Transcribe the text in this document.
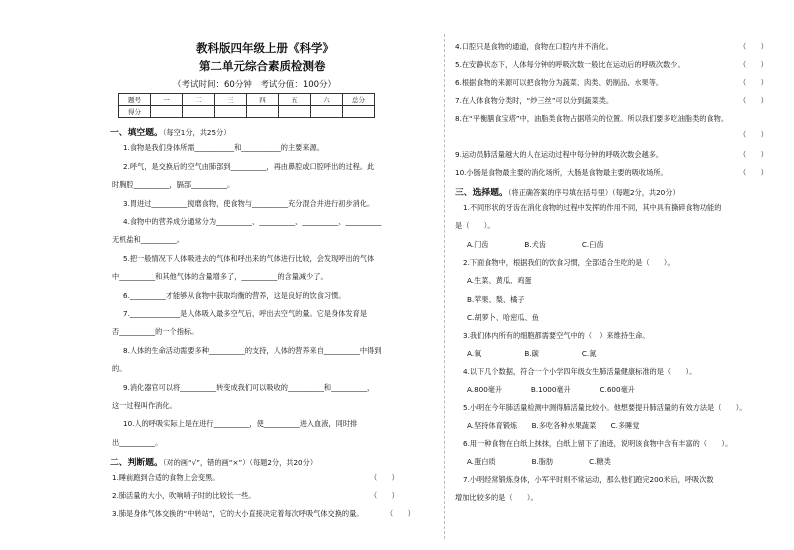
教科版四年级上册《科学》
第二单元综合素质检测卷
（考试时间：60分钟　考试分值：100分）
题号	一	二	三	四	五	六	总分
得分							
一、填空题。（每空1分，共25分）
1.食物是我们身体所需___________和___________的主要来源。
2.呼气，是交换后的空气由肺部到__________，再由鼻腔或口腔呼出的过程。此
时胸腔__________，膈部__________。
3.胃进过__________搅磨食物，使食物与__________充分混合并进行初步消化。
4.食物中的营养成分通常分为__________、__________、__________、__________
无机盐和__________。
5.把一般情况下人体吸进去的气体和呼出来的气体进行比较，会发现呼出的气体
中__________和其他气体的含量增多了，__________的含量减少了。
6.__________才能够从食物中获取均衡的营养，这是良好的饮食习惯。
7.______________是人体吸入最多空气后，呼出去空气的量。它是身体发育是
否__________的一个指标。
8.人体的生命活动需要多种__________的支持，人体的营养来自__________中得到
的。
9.消化器官可以将__________转变成我们可以吸收的__________和__________，
这一过程叫作消化。
10.人的呼吸实际上是在进行__________，使__________进入血液，同时排
出__________。
二、判断题。（对的画“√”，错的画“×”）（每题2分，共20分）
1.睡前跑到合适的食物上会变黑。	（　　）
2.肺活量的大小，吹响哨子时的比较长一些。	（　　）
3.肺是身体气体交换的“中转站”，它的大小直接决定着每次呼吸气体交换的量。	（　　）
4.口腔只是食物的通道，食物在口腔内并不消化。	（　　）
5.在安静状态下，人体每分钟的呼吸次数一般比在运动后的呼吸次数少。	（　　）
6.根据食物的来源可以把食物分为蔬菜、肉类、奶制品、水果等。	（　　）
7.在人体食物分类时，“炒三丝”可以分到蔬菜类。	（　　）
8.在“平衡膳食宝塔”中，油脂类食物占据塔尖的位置。所以我们要多吃油脂类的食物。
（　　）
9.运动员肺活量越大的人在运动过程中每分钟的呼吸次数会越多。	（　　）
10.小肠是食物最主要的消化场所，大肠是食物最主要的吸收场所。	（　　）
三、选择题。（将正确答案的序号填在括号里）（每题2分，共20分）
1.不同形状的牙齿在消化食物的过程中发挥的作用不同，其中具有撕碎食物功能的
是（　　）。
A.门齿　　　　　B.犬齿　　　　　C.臼齿
2.下面食物中，根据我们的饮食习惯，全部适合生吃的是（　　）。
A.生菜、黄瓜、鸡蛋
B.苹果、梨、橘子
C.胡萝卜、哈密瓜、鱼
3.我们体内所有的细胞都需要空气中的（　）来维持生命。
A.氧　　　　　　B.碳　　　　　　C.氮
4.以下几个数据，符合一个小学四年级女生肺活量健康标准的是（　　）。
A.800毫升　　　　B.1000毫升　　　　C.600毫升
5.小明在今年肺活量检测中测得肺活量比较小。他想要提升肺活量的有效方法是（　　）。
A.坚持体育锻炼　　B.多吃各种水果蔬菜　　C.多睡觉
6.用一种食物在白纸上抹抹，白纸上留下了油迹，说明该食物中含有丰富的（　　）。
A.蛋白质　　　　　B.脂肪　　　　　C.糖类
7.小明经常锻炼身体，小军平时则不常运动，那么他们跑完200米后，呼吸次数
增加比较多的是（　　）。
